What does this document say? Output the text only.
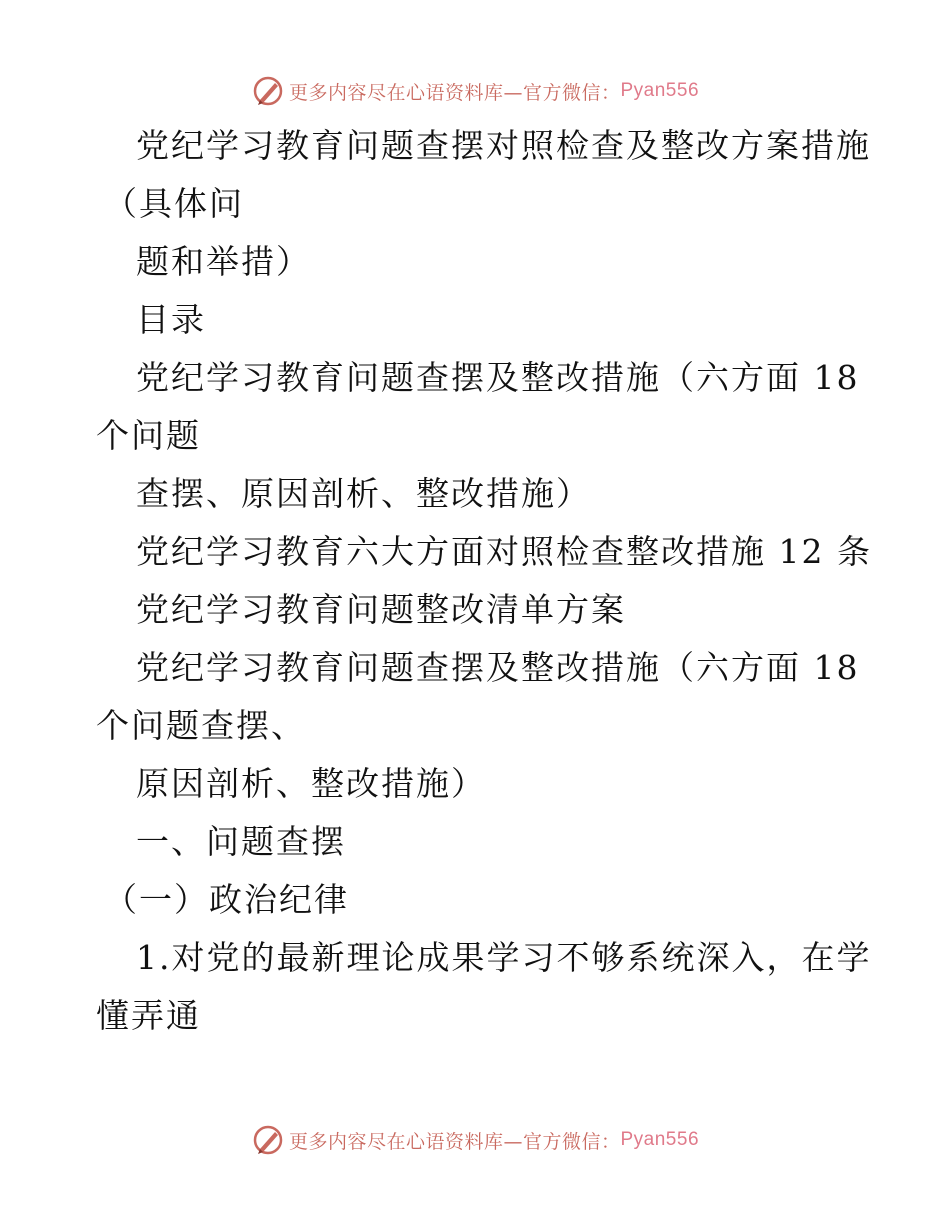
更多内容尽在心语资料库—官方微信： Pyan556
党纪学习教育问题查摆对照检查及整改方案措施
（具体问
题和举措）
目录
党纪学习教育问题查摆及整改措施（六方面 18
个问题
查摆、原因剖析、整改措施）
党纪学习教育六大方面对照检查整改措施 12 条
党纪学习教育问题整改清单方案
党纪学习教育问题查摆及整改措施（六方面 18
个问题查摆、
原因剖析、整改措施）
一、问题查摆
（一）政治纪律
1.对党的最新理论成果学习不够系统深入，在学
懂弄通
更多内容尽在心语资料库—官方微信： Pyan556
